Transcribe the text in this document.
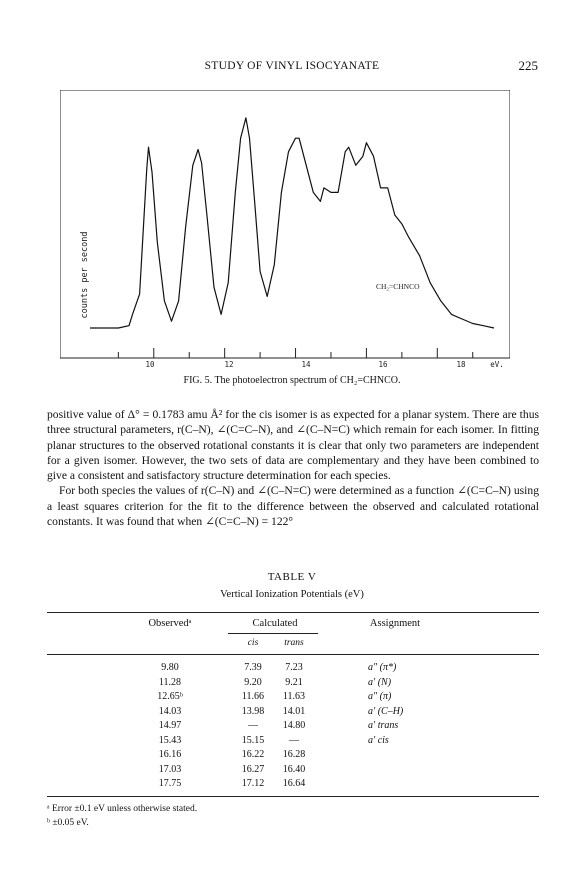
STUDY OF VINYL ISOCYANATE	225
counts per second	CH₂=CHNCO
10	12	14	16	18	eV.
FIG. 5. The photoelectron spectrum of CH₂=CHNCO.

positive value of Δ° = 0.1783 amu Å² for the cis isomer is as expected for a planar system. There are thus three structural parameters, r(C–N), ∠(C=C–N), and ∠(C–N=C) which remain for each isomer. In fitting planar structures to the observed rotational constants it is clear that only two parameters are independent for a given isomer. However, the two sets of data are complementary and they have been combined to give a consistent and satisfactory structure determination for each species.

For both species the values of r(C–N) and ∠(C–N=C) were determined as a function ∠(C=C–N) using a least squares criterion for the fit to the difference between the observed and calculated rotational constants. It was found that when ∠(C=C–N) = 122°

TABLE V
Vertical Ionization Potentials (eV)
Observedᵃ	Calculated	Assignment
cis	trans
9.80	7.39	7.23	a″ (π*)
11.28	9.20	9.21	a′ (N)
12.65ᵇ	11.66	11.63	a″ (π)
14.03	13.98	14.01	a′ (C–H)
14.97	—	14.80	a′ trans
15.43	15.15	—	a′ cis
16.16	16.22	16.28
17.03	16.27	16.40
17.75	17.12	16.64
ᵃ Error ±0.1 eV unless otherwise stated.
ᵇ ±0.05 eV.
